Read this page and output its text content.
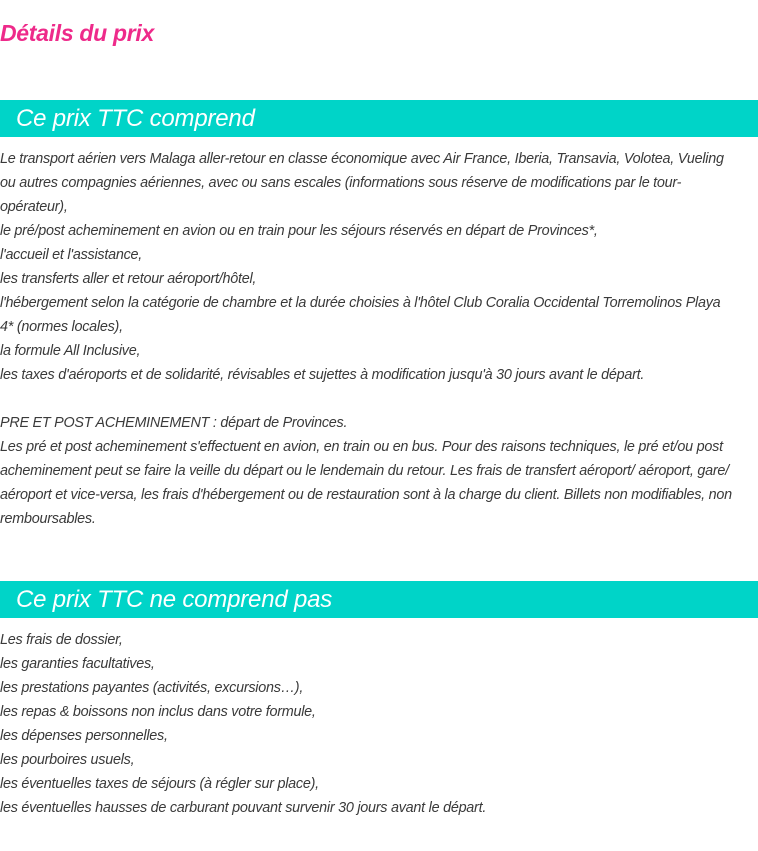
Détails du prix
Ce prix TTC comprend
Le transport aérien vers Malaga aller-retour en classe économique avec Air France, Iberia, Transavia, Volotea, Vueling
ou autres compagnies aériennes, avec ou sans escales (informations sous réserve de modifications par le tour-
opérateur),
le pré/post acheminement en avion ou en train pour les séjours réservés en départ de Provinces*,
l'accueil et l'assistance,
les transferts aller et retour aéroport/hôtel,
l'hébergement selon la catégorie de chambre et la durée choisies à l'hôtel Club Coralia Occidental Torremolinos Playa
4* (normes locales),
la formule All Inclusive,
les taxes d'aéroports et de solidarité, révisables et sujettes à modification jusqu'à 30 jours avant le départ.
PRE ET POST ACHEMINEMENT : départ de Provinces.
Les pré et post acheminement s'effectuent en avion, en train ou en bus. Pour des raisons techniques, le pré et/ou post
acheminement peut se faire la veille du départ ou le lendemain du retour. Les frais de transfert aéroport/ aéroport, gare/
aéroport et vice-versa, les frais d'hébergement ou de restauration sont à la charge du client. Billets non modifiables, non
remboursables.
Ce prix TTC ne comprend pas
Les frais de dossier,
les garanties facultatives,
les prestations payantes (activités, excursions…),
les repas & boissons non inclus dans votre formule,
les dépenses personnelles,
les pourboires usuels,
les éventuelles taxes de séjours (à régler sur place),
les éventuelles hausses de carburant pouvant survenir 30 jours avant le départ.
